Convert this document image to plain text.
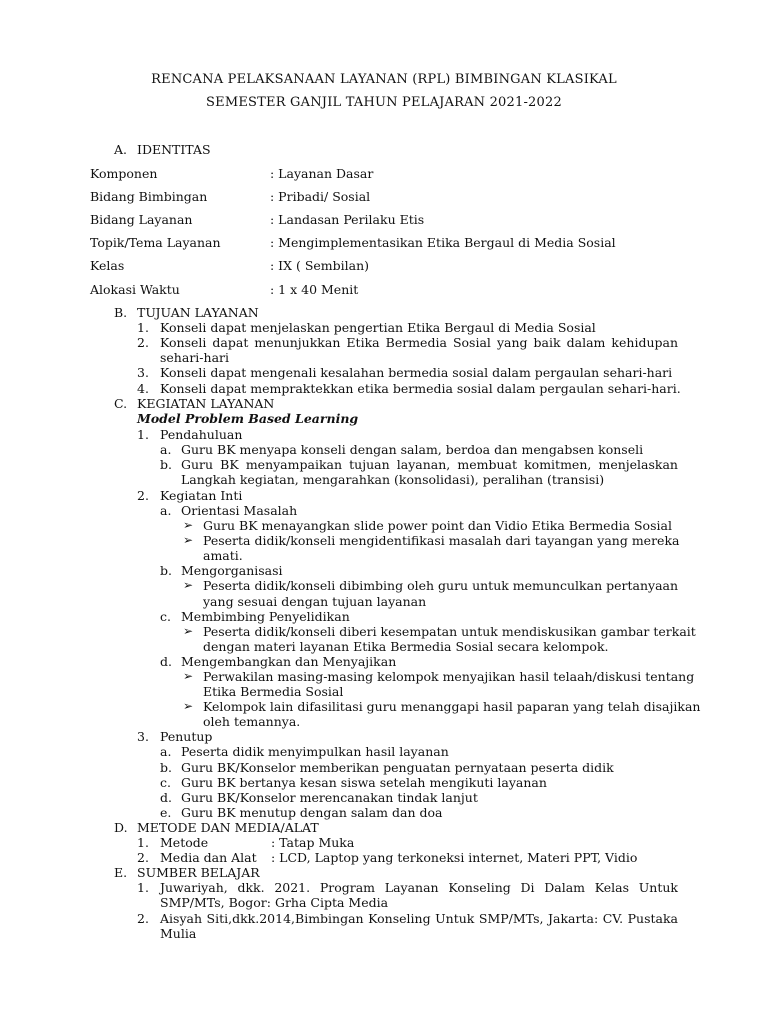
RENCANA PELAKSANAAN LAYANAN (RPL) BIMBINGAN KLASIKAL
SEMESTER GANJIL TAHUN PELAJARAN 2021-2022
A. IDENTITAS
Komponen	: Layanan Dasar
Bidang Bimbingan	: Pribadi/ Sosial
Bidang Layanan	: Landasan Perilaku Etis
Topik/Tema Layanan	: Mengimplementasikan Etika Bergaul di Media Sosial
Kelas	: IX ( Sembilan)
Alokasi Waktu	: 1 x 40 Menit
B. TUJUAN LAYANAN
1. Konseli dapat menjelaskan pengertian Etika Bergaul di Media Sosial
2. Konseli dapat menunjukkan Etika Bermedia Sosial yang baik dalam kehidupan
sehari-hari
3. Konseli dapat mengenali kesalahan bermedia sosial dalam pergaulan sehari-hari
4. Konseli dapat mempraktekkan etika bermedia sosial dalam pergaulan sehari-hari.
C. KEGIATAN LAYANAN
Model Problem Based Learning
1. Pendahuluan
a. Guru BK menyapa konseli dengan salam, berdoa dan mengabsen konseli
b. Guru BK menyampaikan tujuan layanan, membuat komitmen, menjelaskan
Langkah kegiatan, mengarahkan (konsolidasi), peralihan (transisi)
2. Kegiatan Inti
a. Orientasi Masalah
➢ Guru BK menayangkan slide power point dan Vidio Etika Bermedia Sosial
➢ Peserta didik/konseli mengidentifikasi masalah dari tayangan yang mereka
amati.
b. Mengorganisasi
➢ Peserta didik/konseli dibimbing oleh guru untuk memunculkan pertanyaan
yang sesuai dengan tujuan layanan
c. Membimbing Penyelidikan
➢ Peserta didik/konseli diberi kesempatan untuk mendiskusikan gambar terkait
dengan materi layanan Etika Bermedia Sosial secara kelompok.
d. Mengembangkan dan Menyajikan
➢ Perwakilan masing-masing kelompok menyajikan hasil telaah/diskusi tentang
Etika Bermedia Sosial
➢ Kelompok lain difasilitasi guru menanggapi hasil paparan yang telah disajikan
oleh temannya.
3. Penutup
a. Peserta didik menyimpulkan hasil layanan
b. Guru BK/Konselor memberikan penguatan pernyataan peserta didik
c. Guru BK bertanya kesan siswa setelah mengikuti layanan
d. Guru BK/Konselor merencanakan tindak lanjut
e. Guru BK menutup dengan salam dan doa
D. METODE DAN MEDIA/ALAT
1. Metode	: Tatap Muka
2. Media dan Alat : LCD, Laptop yang terkoneksi internet, Materi PPT, Vidio
E. SUMBER BELAJAR
1. Juwariyah, dkk. 2021. Program Layanan Konseling Di Dalam Kelas Untuk
SMP/MTs, Bogor: Grha Cipta Media
2. Aisyah Siti,dkk.2014,Bimbingan Konseling Untuk SMP/MTs, Jakarta: CV. Pustaka
Mulia
